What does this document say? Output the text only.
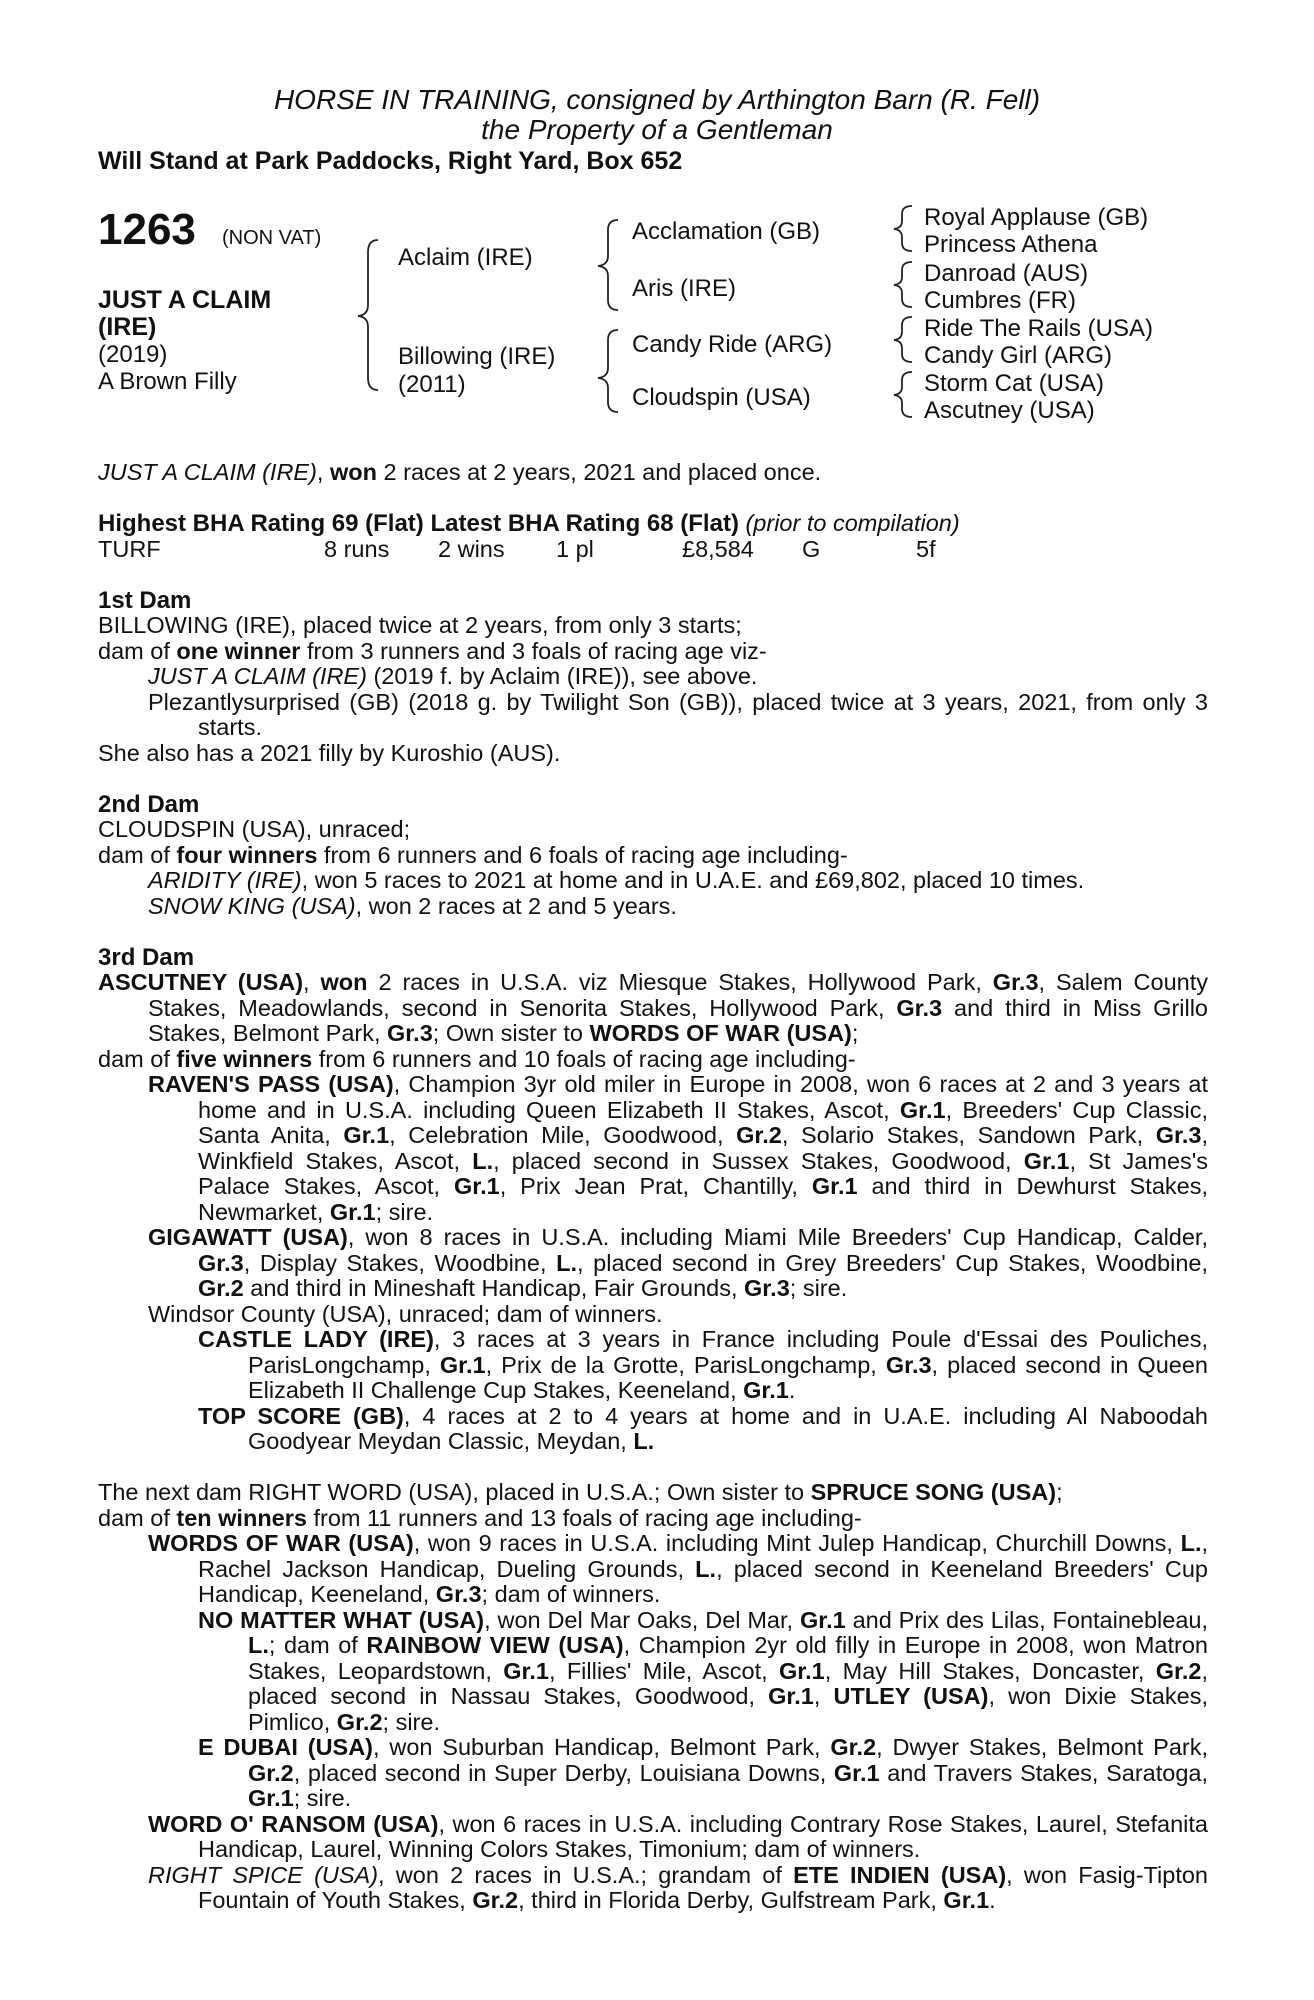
HORSE IN TRAINING, consigned by Arthington Barn (R. Fell)
the Property of a Gentleman
Will Stand at Park Paddocks, Right Yard, Box 652
1263 (NON VAT)
JUST A CLAIM (IRE)
(2019)
A Brown Filly
Aclaim (IRE)
Billowing (IRE)
(2011)
Acclamation (GB)
Aris (IRE)
Candy Ride (ARG)
Cloudspin (USA)
Royal Applause (GB)
Princess Athena
Danroad (AUS)
Cumbres (FR)
Ride The Rails (USA)
Candy Girl (ARG)
Storm Cat (USA)
Ascutney (USA)

JUST A CLAIM (IRE), won 2 races at 2 years, 2021 and placed once.

Highest BHA Rating 69 (Flat) Latest BHA Rating 68 (Flat) (prior to compilation)

TURF	8 runs 2 wins 1 pl	£8,584 G	5f

1st Dam

BILLOWING (IRE), placed twice at 2 years, from only 3 starts;

dam of one winner from 3 runners and 3 foals of racing age viz-

JUST A CLAIM (IRE) (2019 f. by Aclaim (IRE)), see above.

Plezantlysurprised (GB) (2018 g. by Twilight Son (GB)), placed twice at 3 years, 2021, from only 3 starts.

She also has a 2021 filly by Kuroshio (AUS).

2nd Dam

CLOUDSPIN (USA), unraced;

dam of four winners from 6 runners and 6 foals of racing age including-

ARIDITY (IRE), won 5 races to 2021 at home and in U.A.E. and £69,802, placed 10 times.

SNOW KING (USA), won 2 races at 2 and 5 years.

3rd Dam

ASCUTNEY (USA), won 2 races in U.S.A. viz Miesque Stakes, Hollywood Park, Gr.3, Salem County Stakes, Meadowlands, second in Senorita Stakes, Hollywood Park, Gr.3 and third in Miss Grillo Stakes, Belmont Park, Gr.3; Own sister to WORDS OF WAR (USA);

dam of five winners from 6 runners and 10 foals of racing age including-

RAVEN'S PASS (USA), Champion 3yr old miler in Europe in 2008, won 6 races at 2 and 3 years at home and in U.S.A. including Queen Elizabeth II Stakes, Ascot, Gr.1, Breeders' Cup Classic, Santa Anita, Gr.1, Celebration Mile, Goodwood, Gr.2, Solario Stakes, Sandown Park, Gr.3, Winkfield Stakes, Ascot, L., placed second in Sussex Stakes, Goodwood, Gr.1, St James's Palace Stakes, Ascot, Gr.1, Prix Jean Prat, Chantilly, Gr.1 and third in Dewhurst Stakes, Newmarket, Gr.1; sire.

GIGAWATT (USA), won 8 races in U.S.A. including Miami Mile Breeders' Cup Handicap, Calder, Gr.3, Display Stakes, Woodbine, L., placed second in Grey Breeders' Cup Stakes, Woodbine, Gr.2 and third in Mineshaft Handicap, Fair Grounds, Gr.3; sire.

Windsor County (USA), unraced; dam of winners.

CASTLE LADY (IRE), 3 races at 3 years in France including Poule d'Essai des Pouliches, ParisLongchamp, Gr.1, Prix de la Grotte, ParisLongchamp, Gr.3, placed second in Queen Elizabeth II Challenge Cup Stakes, Keeneland, Gr.1.

TOP SCORE (GB), 4 races at 2 to 4 years at home and in U.A.E. including Al Naboodah Goodyear Meydan Classic, Meydan, L.

The next dam RIGHT WORD (USA), placed in U.S.A.; Own sister to SPRUCE SONG (USA);

dam of ten winners from 11 runners and 13 foals of racing age including-

WORDS OF WAR (USA), won 9 races in U.S.A. including Mint Julep Handicap, Churchill Downs, L., Rachel Jackson Handicap, Dueling Grounds, L., placed second in Keeneland Breeders' Cup Handicap, Keeneland, Gr.3; dam of winners.

NO MATTER WHAT (USA), won Del Mar Oaks, Del Mar, Gr.1 and Prix des Lilas, Fontainebleau, L.; dam of RAINBOW VIEW (USA), Champion 2yr old filly in Europe in 2008, won Matron Stakes, Leopardstown, Gr.1, Fillies' Mile, Ascot, Gr.1, May Hill Stakes, Doncaster, Gr.2, placed second in Nassau Stakes, Goodwood, Gr.1, UTLEY (USA), won Dixie Stakes, Pimlico, Gr.2; sire.

E DUBAI (USA), won Suburban Handicap, Belmont Park, Gr.2, Dwyer Stakes, Belmont Park, Gr.2, placed second in Super Derby, Louisiana Downs, Gr.1 and Travers Stakes, Saratoga, Gr.1; sire.

WORD O' RANSOM (USA), won 6 races in U.S.A. including Contrary Rose Stakes, Laurel, Stefanita Handicap, Laurel, Winning Colors Stakes, Timonium; dam of winners.

RIGHT SPICE (USA), won 2 races in U.S.A.; grandam of ETE INDIEN (USA), won Fasig-Tipton Fountain of Youth Stakes, Gr.2, third in Florida Derby, Gulfstream Park, Gr.1.
